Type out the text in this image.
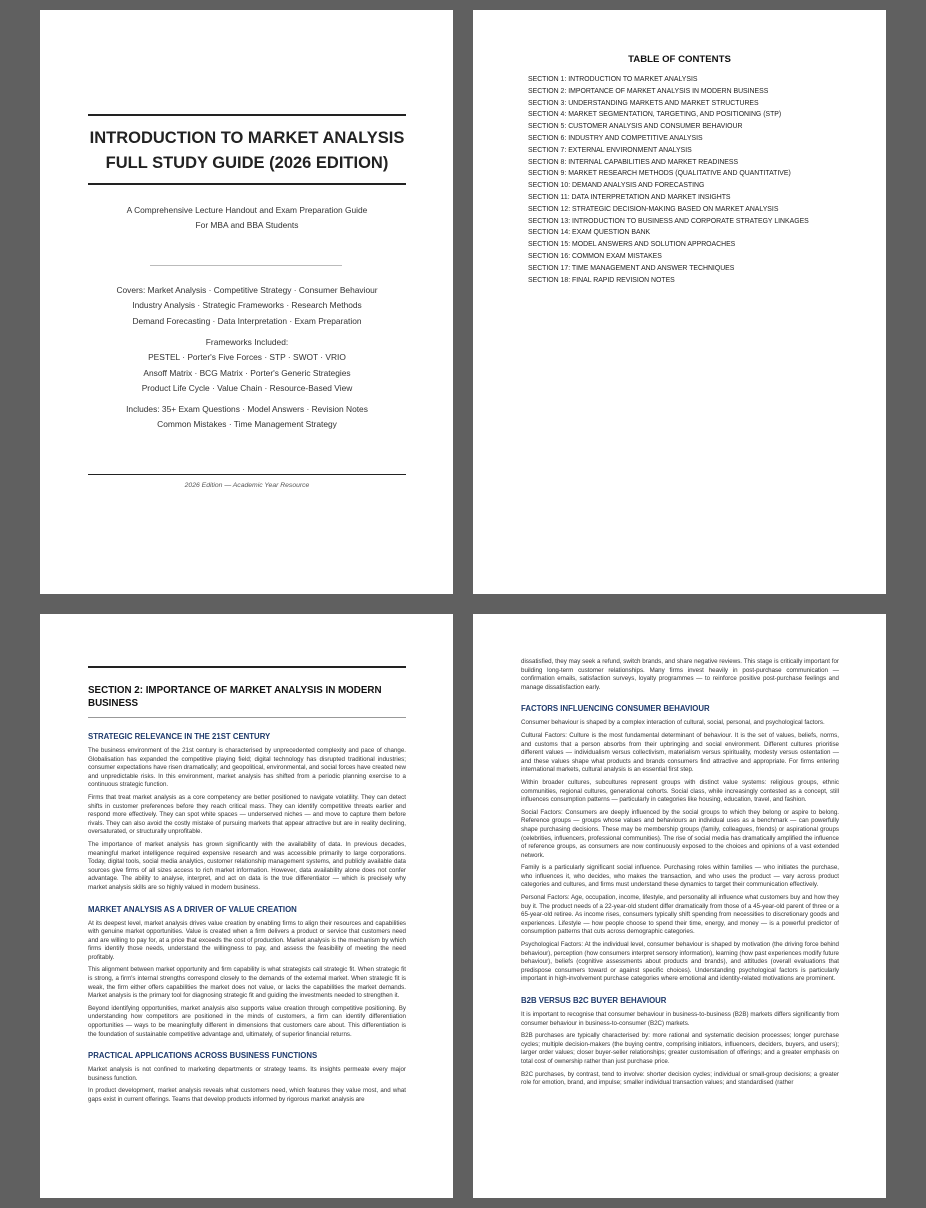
INTRODUCTION TO MARKET ANALYSIS
FULL STUDY GUIDE (2026 EDITION)
A Comprehensive Lecture Handout and Exam Preparation Guide
For MBA and BBA Students
Covers: Market Analysis · Competitive Strategy · Consumer Behaviour
Industry Analysis · Strategic Frameworks · Research Methods
Demand Forecasting · Data Interpretation · Exam Preparation
Frameworks Included:
PESTEL · Porter's Five Forces · STP · SWOT · VRIO
Ansoff Matrix · BCG Matrix · Porter's Generic Strategies
Product Life Cycle · Value Chain · Resource-Based View
Includes: 35+ Exam Questions · Model Answers · Revision Notes
Common Mistakes · Time Management Strategy
2026 Edition — Academic Year Resource
TABLE OF CONTENTS
SECTION 1: INTRODUCTION TO MARKET ANALYSIS
SECTION 2: IMPORTANCE OF MARKET ANALYSIS IN MODERN BUSINESS
SECTION 3: UNDERSTANDING MARKETS AND MARKET STRUCTURES
SECTION 4: MARKET SEGMENTATION, TARGETING, AND POSITIONING (STP)
SECTION 5: CUSTOMER ANALYSIS AND CONSUMER BEHAVIOUR
SECTION 6: INDUSTRY AND COMPETITIVE ANALYSIS
SECTION 7: EXTERNAL ENVIRONMENT ANALYSIS
SECTION 8: INTERNAL CAPABILITIES AND MARKET READINESS
SECTION 9: MARKET RESEARCH METHODS (QUALITATIVE AND QUANTITATIVE)
SECTION 10: DEMAND ANALYSIS AND FORECASTING
SECTION 11: DATA INTERPRETATION AND MARKET INSIGHTS
SECTION 12: STRATEGIC DECISION-MAKING BASED ON MARKET ANALYSIS
SECTION 13: INTRODUCTION TO BUSINESS AND CORPORATE STRATEGY LINKAGES
SECTION 14: EXAM QUESTION BANK
SECTION 15: MODEL ANSWERS AND SOLUTION APPROACHES
SECTION 16: COMMON EXAM MISTAKES
SECTION 17: TIME MANAGEMENT AND ANSWER TECHNIQUES
SECTION 18: FINAL RAPID REVISION NOTES
SECTION 2: IMPORTANCE OF MARKET ANALYSIS IN MODERN BUSINESS
STRATEGIC RELEVANCE IN THE 21ST CENTURY

The business environment of the 21st century is characterised by unprecedented complexity and pace of change. Globalisation has expanded the competitive playing field; digital technology has disrupted traditional industries; consumer expectations have risen dramatically; and geopolitical, environmental, and social forces have created new and unpredictable risks. In this environment, market analysis has shifted from a periodic planning exercise to a continuous strategic function.

Firms that treat market analysis as a core competency are better positioned to navigate volatility. They can detect shifts in customer preferences before they reach critical mass. They can identify competitive threats earlier and respond more effectively. They can spot white spaces — underserved niches — and move to capture them before rivals. They can also avoid the costly mistake of pursuing markets that appear attractive but are in reality declining, oversaturated, or structurally unprofitable.

The importance of market analysis has grown significantly with the availability of data. In previous decades, meaningful market intelligence required expensive research and was accessible primarily to large corporations. Today, digital tools, social media analytics, customer relationship management systems, and publicly available data sources give firms of all sizes access to rich market information. However, data availability alone does not confer advantage. The ability to analyse, interpret, and act on data is the true differentiator — which is precisely why market analysis skills are so highly valued in modern business.

MARKET ANALYSIS AS A DRIVER OF VALUE CREATION

At its deepest level, market analysis drives value creation by enabling firms to align their resources and capabilities with genuine market opportunities. Value is created when a firm delivers a product or service that customers need and are willing to pay for, at a price that exceeds the cost of production. Market analysis is the mechanism by which firms identify those needs, understand the willingness to pay, and assess the feasibility of meeting the need profitably.

This alignment between market opportunity and firm capability is what strategists call strategic fit. When strategic fit is strong, a firm's internal strengths correspond closely to the demands of the external market. When strategic fit is weak, the firm either offers capabilities the market does not value, or lacks the capabilities the market demands. Market analysis is the primary tool for diagnosing strategic fit and guiding the investments needed to strengthen it.

Beyond identifying opportunities, market analysis also supports value creation through competitive positioning. By understanding how competitors are positioned in the minds of customers, a firm can identify differentiation opportunities — ways to be meaningfully different in dimensions that customers care about. This differentiation is the foundation of sustainable competitive advantage and, ultimately, of superior financial returns.

PRACTICAL APPLICATIONS ACROSS BUSINESS FUNCTIONS

Market analysis is not confined to marketing departments or strategy teams. Its insights permeate every major business function.

In product development, market analysis reveals what customers need, which features they value most, and what gaps exist in current offerings. Teams that develop products informed by rigorous market analysis are

dissatisfied, they may seek a refund, switch brands, and share negative reviews. This stage is critically important for building long-term customer relationships. Many firms invest heavily in post-purchase communication — confirmation emails, satisfaction surveys, loyalty programmes — to reinforce positive post-purchase feelings and manage dissatisfaction early.

FACTORS INFLUENCING CONSUMER BEHAVIOUR

Consumer behaviour is shaped by a complex interaction of cultural, social, personal, and psychological factors.

Cultural Factors: Culture is the most fundamental determinant of behaviour. It is the set of values, beliefs, norms, and customs that a person absorbs from their upbringing and social environment. Different cultures prioritise different values — individualism versus collectivism, materialism versus spirituality, modesty versus ostentation — and these values shape what products and brands consumers find attractive and appropriate. For firms entering international markets, cultural analysis is an essential first step.

Within broader cultures, subcultures represent groups with distinct value systems: religious groups, ethnic communities, regional cultures, generational cohorts. Social class, while increasingly contested as a concept, still influences consumption patterns — particularly in categories like housing, education, travel, and fashion.

Social Factors: Consumers are deeply influenced by the social groups to which they belong or aspire to belong. Reference groups — groups whose values and behaviours an individual uses as a benchmark — can powerfully shape purchasing decisions. These may be membership groups (family, colleagues, friends) or aspirational groups (celebrities, influencers, professional communities). The rise of social media has dramatically amplified the influence of reference groups, as consumers are now continuously exposed to the choices and opinions of a vast extended network.

Family is a particularly significant social influence. Purchasing roles within families — who initiates the purchase, who influences it, who decides, who makes the transaction, and who uses the product — vary across product categories and cultures, and firms must understand these dynamics to target their communication effectively.

Personal Factors: Age, occupation, income, lifestyle, and personality all influence what customers buy and how they buy it. The product needs of a 22-year-old student differ dramatically from those of a 45-year-old parent of three or a 65-year-old retiree. As income rises, consumers typically shift spending from necessities to discretionary goods and experiences. Lifestyle — how people choose to spend their time, energy, and money — is a powerful predictor of consumption patterns that cuts across demographic categories.

Psychological Factors: At the individual level, consumer behaviour is shaped by motivation (the driving force behind behaviour), perception (how consumers interpret sensory information), learning (how past experiences modify future behaviour), beliefs (cognitive assessments about products and brands), and attitudes (overall evaluations that predispose consumers toward or against specific choices). Understanding psychological factors is particularly important in high-involvement purchase categories where emotional and identity-related motivations are prominent.

B2B VERSUS B2C BUYER BEHAVIOUR

It is important to recognise that consumer behaviour in business-to-business (B2B) markets differs significantly from consumer behaviour in business-to-consumer (B2C) markets.

B2B purchases are typically characterised by: more rational and systematic decision processes; longer purchase cycles; multiple decision-makers (the buying centre, comprising initiators, influencers, deciders, buyers, and users); larger order values; closer buyer-seller relationships; greater customisation of offerings; and a greater emphasis on total cost of ownership rather than just purchase price.

B2C purchases, by contrast, tend to involve: shorter decision cycles; individual or small-group decisions; a greater role for emotion, brand, and impulse; smaller individual transaction values; and standardised (rather
